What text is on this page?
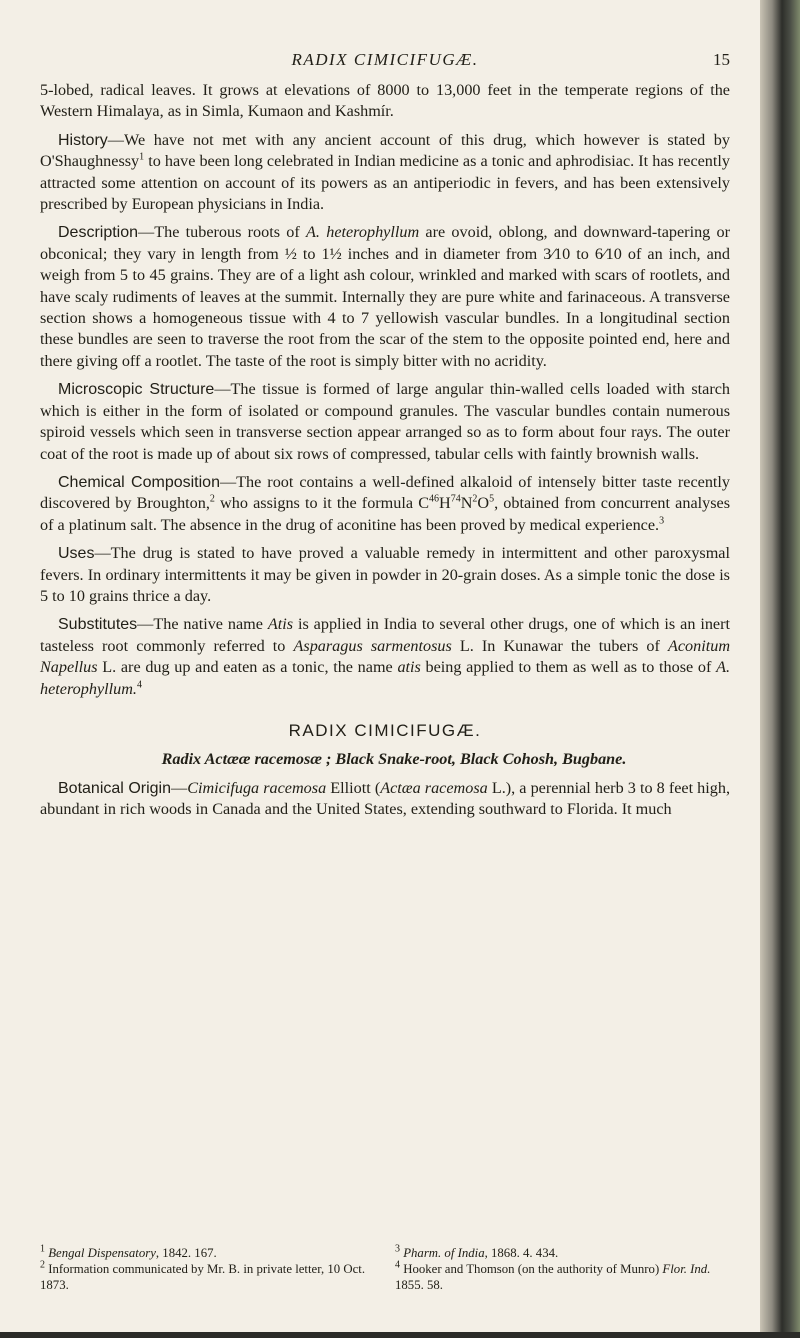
RADIX CIMICIFUGÆ.	15

5-lobed, radical leaves. It grows at elevations of 8000 to 13,000 feet in the temperate regions of the Western Himalaya, as in Simla, Kumaon and Kashmír.

History—We have not met with any ancient account of this drug, which however is stated by O'Shaughnessy$^1$ to have been long celebrated in Indian medicine as a tonic and aphrodisiac. It has recently attracted some attention on account of its powers as an antiperiodic in fevers, and has been extensively prescribed by European physicians in India.

Description—The tuberous roots of A. heterophyllum are ovoid, oblong, and downward-tapering or obconical; they vary in length from ½ to 1½ inches and in diameter from 3⁄10 to 6⁄10 of an inch, and weigh from 5 to 45 grains. They are of a light ash colour, wrinkled and marked with scars of rootlets, and have scaly rudiments of leaves at the summit. Internally they are pure white and farinaceous. A transverse section shows a homogeneous tissue with 4 to 7 yellowish vascular bundles. In a longitudinal section these bundles are seen to traverse the root from the scar of the stem to the opposite pointed end, here and there giving off a rootlet. The taste of the root is simply bitter with no acridity.

Microscopic Structure—The tissue is formed of large angular thin-walled cells loaded with starch which is either in the form of isolated or compound granules. The vascular bundles contain numerous spiroid vessels which seen in transverse section appear arranged so as to form about four rays. The outer coat of the root is made up of about six rows of compressed, tabular cells with faintly brownish walls.

Chemical Composition—The root contains a well-defined alkaloid of intensely bitter taste recently discovered by Broughton,$^2$ who assigns to it the formula $C^{46}H^{74}N^2O^5$, obtained from concurrent analyses of a platinum salt. The absence in the drug of aconitine has been proved by medical experience.$^3$

Uses—The drug is stated to have proved a valuable remedy in intermittent and other paroxysmal fevers. In ordinary intermittents it may be given in powder in 20-grain doses. As a simple tonic the dose is 5 to 10 grains thrice a day.

Substitutes—The native name Atis is applied in India to several other drugs, one of which is an inert tasteless root commonly referred to Asparagus sarmentosus L. In Kunawar the tubers of Aconitum Napellus L. are dug up and eaten as a tonic, the name atis being applied to them as well as to those of A. heterophyllum.$^4$

RADIX CIMICIFUGÆ.

Radix Actææ racemosæ ; Black Snake-root, Black Cohosh, Bugbane.

Botanical Origin—Cimicifuga racemosa Elliott (Actæa racemosa L.), a perennial herb 3 to 8 feet high, abundant in rich woods in Canada and the United States, extending southward to Florida. It much

$^1$ Bengal Dispensatory, 1842. 167.

$^2$ Information communicated by Mr. B. in private letter, 10 Oct. 1873.

$^3$ Pharm. of India, 1868. 4. 434.

$^4$ Hooker and Thomson (on the authority of Munro) Flor. Ind. 1855. 58.
